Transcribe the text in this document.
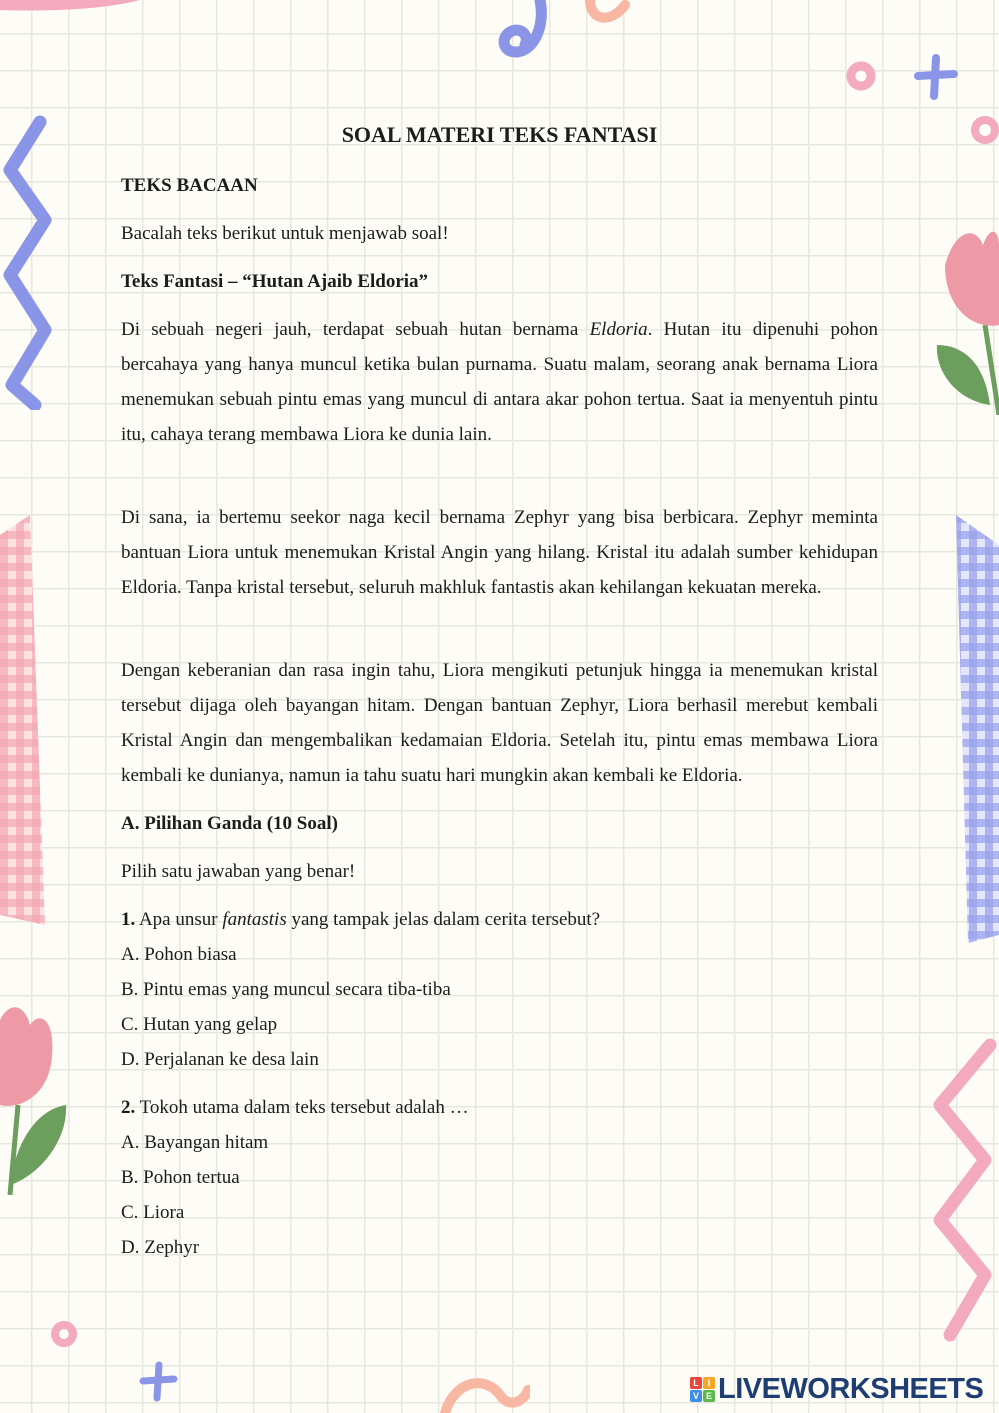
SOAL MATERI TEKS FANTASI
TEKS BACAAN
Bacalah teks berikut untuk menjawab soal!
Teks Fantasi – “Hutan Ajaib Eldoria”
Di sebuah negeri jauh, terdapat sebuah hutan bernama Eldoria. Hutan itu dipenuhi pohon bercahaya yang hanya muncul ketika bulan purnama. Suatu malam, seorang anak bernama Liora menemukan sebuah pintu emas yang muncul di antara akar pohon tertua. Saat ia menyentuh pintu itu, cahaya terang membawa Liora ke dunia lain.
Di sana, ia bertemu seekor naga kecil bernama Zephyr yang bisa berbicara. Zephyr meminta bantuan Liora untuk menemukan Kristal Angin yang hilang. Kristal itu adalah sumber kehidupan Eldoria. Tanpa kristal tersebut, seluruh makhluk fantastis akan kehilangan kekuatan mereka.
Dengan keberanian dan rasa ingin tahu, Liora mengikuti petunjuk hingga ia menemukan kristal tersebut dijaga oleh bayangan hitam. Dengan bantuan Zephyr, Liora berhasil merebut kembali Kristal Angin dan mengembalikan kedamaian Eldoria. Setelah itu, pintu emas membawa Liora kembali ke dunianya, namun ia tahu suatu hari mungkin akan kembali ke Eldoria.
A. Pilihan Ganda (10 Soal)
Pilih satu jawaban yang benar!
1. Apa unsur fantastis yang tampak jelas dalam cerita tersebut?
A. Pohon biasa
B. Pintu emas yang muncul secara tiba-tiba
C. Hutan yang gelap
D. Perjalanan ke desa lain
2. Tokoh utama dalam teks tersebut adalah …
A. Bayangan hitam
B. Pohon tertua
C. Liora
D. Zephyr
L I
V E LIVEWORKSHEETS
